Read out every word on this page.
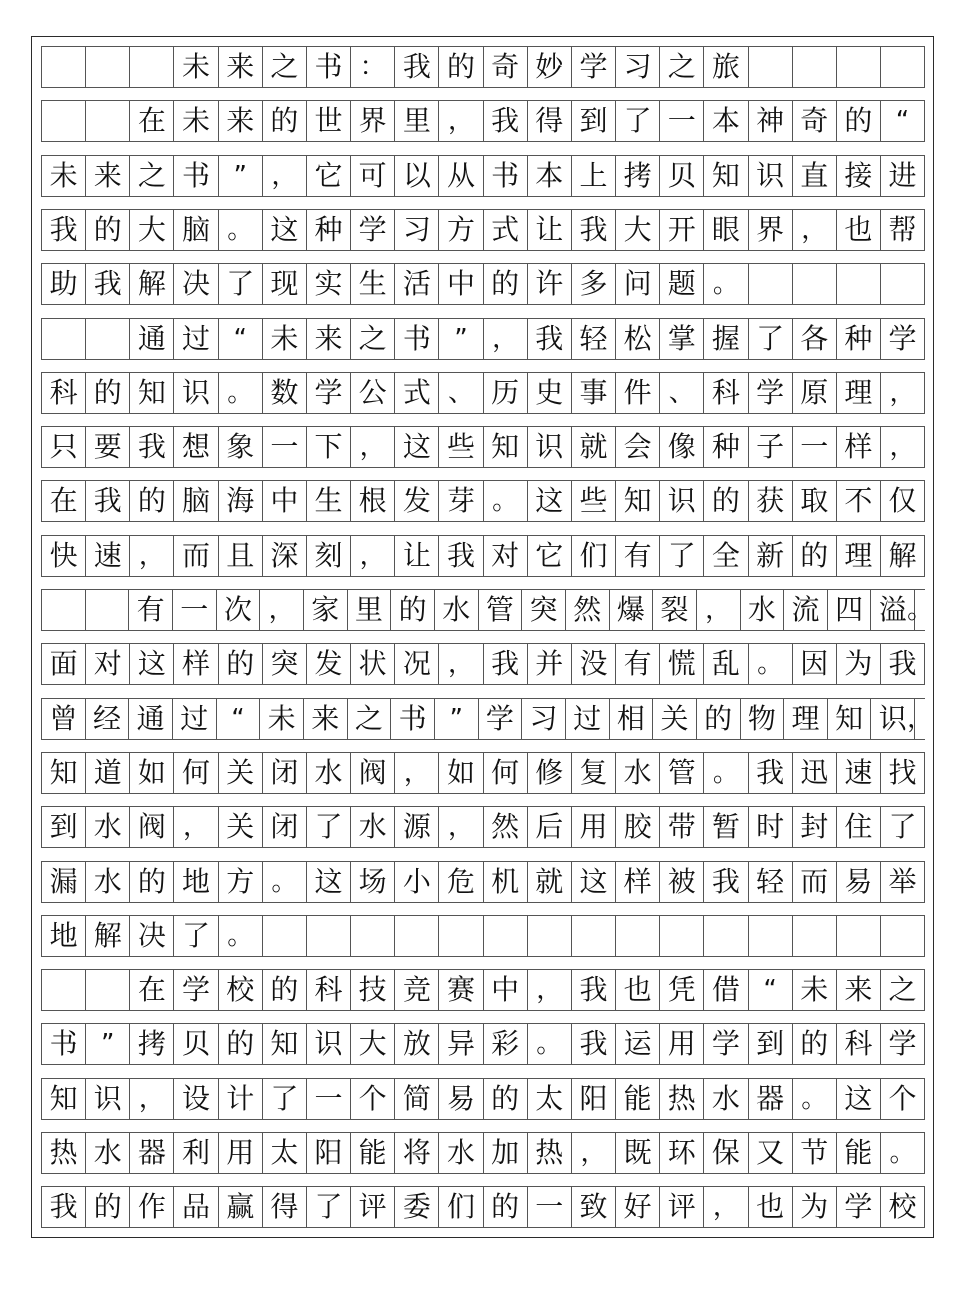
未 来 之 书 ： 我 的 奇 妙 学 习 之 旅
在 未 来 的 世 界 里 ， 我 得 到 了 一 本 神 奇 的 “
未 来 之 书 ” ， 它 可 以 从 书 本 上 拷 贝 知 识 直 接 进
我 的 大 脑 。 这 种 学 习 方 式 让 我 大 开 眼 界 ， 也 帮
助 我 解 决 了 现 实 生 活 中 的 许 多 问 题 。
通 过 “ 未 来 之 书 ” ， 我 轻 松 掌 握 了 各 种 学
科 的 知 识 。 数 学 公 式 、 历 史 事 件 、 科 学 原 理 ，
只 要 我 想 象 一 下 ， 这 些 知 识 就 会 像 种 子 一 样 ，
在 我 的 脑 海 中 生 根 发 芽 。 这 些 知 识 的 获 取 不 仅
快 速 ， 而 且 深 刻 ， 让 我 对 它 们 有 了 全 新 的 理 解
有 一 次 ， 家 里 的 水 管 突 然 爆 裂 ， 水 流 四 溢 。
面 对 这 样 的 突 发 状 况 ， 我 并 没 有 慌 乱 。 因 为 我
曾 经 通 过 “ 未 来 之 书 ” 学 习 过 相 关 的 物 理 知 识 ，
知 道 如 何 关 闭 水 阀 ， 如 何 修 复 水 管 。 我 迅 速 找
到 水 阀 ， 关 闭 了 水 源 ， 然 后 用 胶 带 暂 时 封 住 了
漏 水 的 地 方 。 这 场 小 危 机 就 这 样 被 我 轻 而 易 举
地 解 决 了 。
在 学 校 的 科 技 竞 赛 中 ， 我 也 凭 借 “ 未 来 之
书 ” 拷 贝 的 知 识 大 放 异 彩 。 我 运 用 学 到 的 科 学
知 识 ， 设 计 了 一 个 简 易 的 太 阳 能 热 水 器 。 这 个
热 水 器 利 用 太 阳 能 将 水 加 热 ， 既 环 保 又 节 能 。
我 的 作 品 赢 得 了 评 委 们 的 一 致 好 评 ， 也 为 学 校
